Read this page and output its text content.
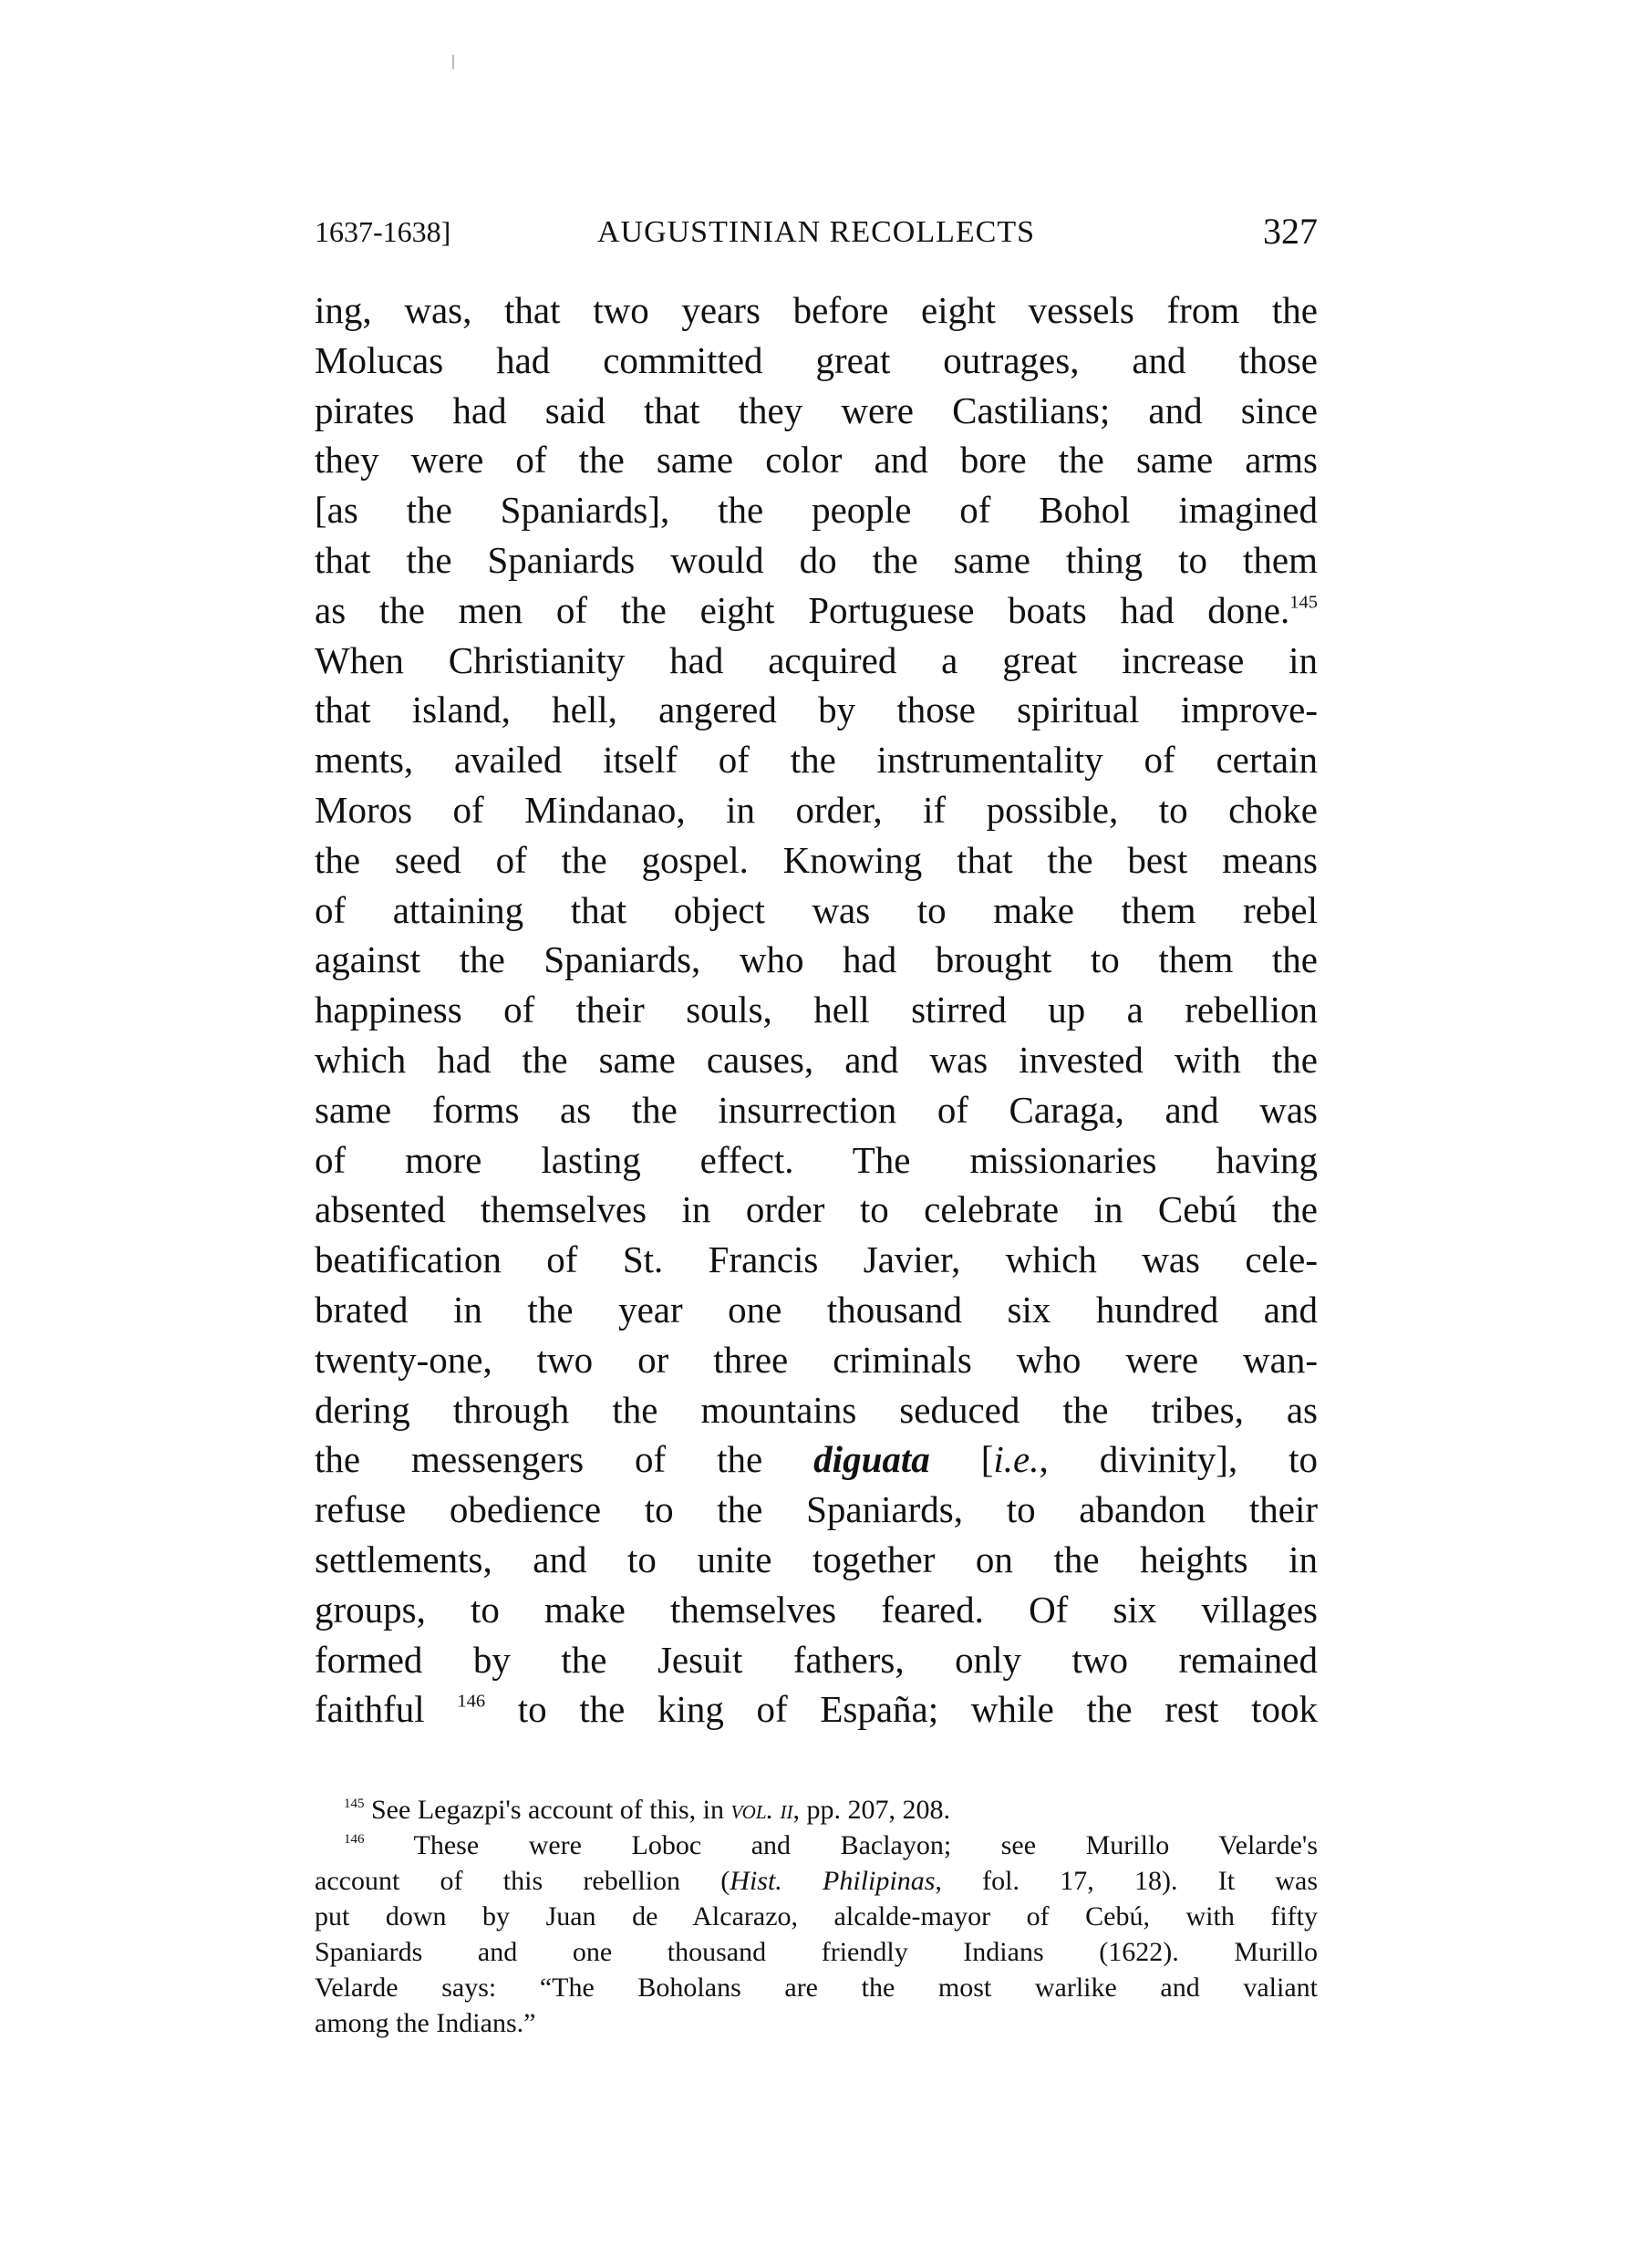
1637-1638]	AUGUSTINIAN RECOLLECTS	327
ing, was, that two years before eight vessels from the
Molucas had committed great outrages, and those
pirates had said that they were Castilians; and since
they were of the same color and bore the same arms
[as the Spaniards], the people of Bohol imagined
that the Spaniards would do the same thing to them
as the men of the eight Portuguese boats had done.$^{145}$
When Christianity had acquired a great increase in
that island, hell, angered by those spiritual improve-
ments, availed itself of the instrumentality of certain
Moros of Mindanao, in order, if possible, to choke
the seed of the gospel. Knowing that the best means
of attaining that object was to make them rebel
against the Spaniards, who had brought to them the
happiness of their souls, hell stirred up a rebellion
which had the same causes, and was invested with the
same forms as the insurrection of Caraga, and was
of more lasting effect. The missionaries having
absented themselves in order to celebrate in Cebú the
beatification of St. Francis Javier, which was cele-
brated in the year one thousand six hundred and
twenty-one, two or three criminals who were wan-
dering through the mountains seduced the tribes, as
the messengers of the diguata [i.e., divinity], to
refuse obedience to the Spaniards, to abandon their
settlements, and to unite together on the heights in
groups, to make themselves feared. Of six villages
formed by the Jesuit fathers, only two remained
faithful $^{146}$ to the king of España; while the rest took
$^{145}$ See Legazpi's account of this, in vol. ii, pp. 207, 208.
$^{146}$ These were Loboc and Baclayon; see Murillo Velarde's
account of this rebellion (Hist. Philipinas, fol. 17, 18). It was
put down by Juan de Alcarazo, alcalde-mayor of Cebú, with fifty
Spaniards and one thousand friendly Indians (1622). Murillo
Velarde says: “The Boholans are the most warlike and valiant
among the Indians.”
